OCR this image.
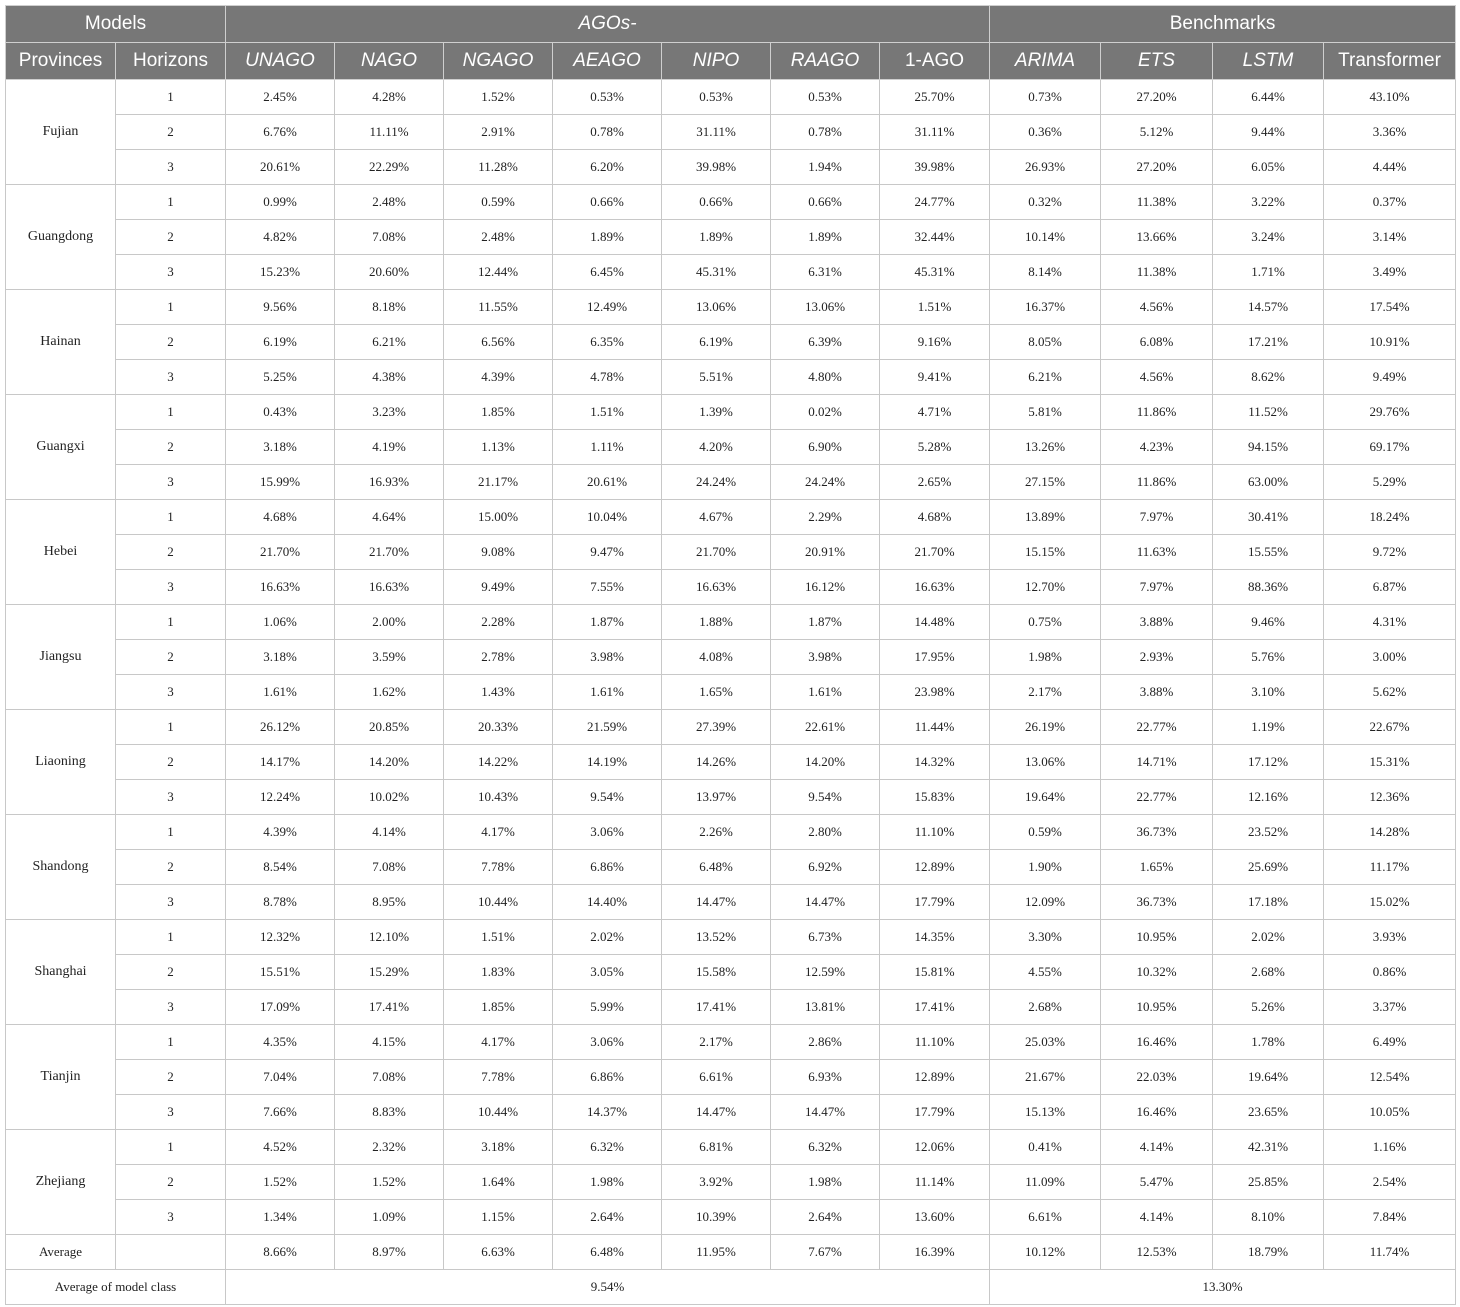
Models		AGOs-							Benchmarks			
Provinces	Horizons	UNAGO	NAGO	NGAGO	AEAGO	NIPO	RAAGO	1-AGO	ARIMA	ETS	LSTM	Transformer
Fujian	1	2.45%	4.28%	1.52%	0.53%	0.53%	0.53%	25.70%	0.73%	27.20%	6.44%	43.10%
	2	6.76%	11.11%	2.91%	0.78%	31.11%	0.78%	31.11%	0.36%	5.12%	9.44%	3.36%
	3	20.61%	22.29%	11.28%	6.20%	39.98%	1.94%	39.98%	26.93%	27.20%	6.05%	4.44%
Guangdong	1	0.99%	2.48%	0.59%	0.66%	0.66%	0.66%	24.77%	0.32%	11.38%	3.22%	0.37%
	2	4.82%	7.08%	2.48%	1.89%	1.89%	1.89%	32.44%	10.14%	13.66%	3.24%	3.14%
	3	15.23%	20.60%	12.44%	6.45%	45.31%	6.31%	45.31%	8.14%	11.38%	1.71%	3.49%
Hainan	1	9.56%	8.18%	11.55%	12.49%	13.06%	13.06%	1.51%	16.37%	4.56%	14.57%	17.54%
	2	6.19%	6.21%	6.56%	6.35%	6.19%	6.39%	9.16%	8.05%	6.08%	17.21%	10.91%
	3	5.25%	4.38%	4.39%	4.78%	5.51%	4.80%	9.41%	6.21%	4.56%	8.62%	9.49%
Guangxi	1	0.43%	3.23%	1.85%	1.51%	1.39%	0.02%	4.71%	5.81%	11.86%	11.52%	29.76%
	2	3.18%	4.19%	1.13%	1.11%	4.20%	6.90%	5.28%	13.26%	4.23%	94.15%	69.17%
	3	15.99%	16.93%	21.17%	20.61%	24.24%	24.24%	2.65%	27.15%	11.86%	63.00%	5.29%
Hebei	1	4.68%	4.64%	15.00%	10.04%	4.67%	2.29%	4.68%	13.89%	7.97%	30.41%	18.24%
	2	21.70%	21.70%	9.08%	9.47%	21.70%	20.91%	21.70%	15.15%	11.63%	15.55%	9.72%
	3	16.63%	16.63%	9.49%	7.55%	16.63%	16.12%	16.63%	12.70%	7.97%	88.36%	6.87%
Jiangsu	1	1.06%	2.00%	2.28%	1.87%	1.88%	1.87%	14.48%	0.75%	3.88%	9.46%	4.31%
	2	3.18%	3.59%	2.78%	3.98%	4.08%	3.98%	17.95%	1.98%	2.93%	5.76%	3.00%
	3	1.61%	1.62%	1.43%	1.61%	1.65%	1.61%	23.98%	2.17%	3.88%	3.10%	5.62%
Liaoning	1	26.12%	20.85%	20.33%	21.59%	27.39%	22.61%	11.44%	26.19%	22.77%	1.19%	22.67%
	2	14.17%	14.20%	14.22%	14.19%	14.26%	14.20%	14.32%	13.06%	14.71%	17.12%	15.31%
	3	12.24%	10.02%	10.43%	9.54%	13.97%	9.54%	15.83%	19.64%	22.77%	12.16%	12.36%
Shandong	1	4.39%	4.14%	4.17%	3.06%	2.26%	2.80%	11.10%	0.59%	36.73%	23.52%	14.28%
	2	8.54%	7.08%	7.78%	6.86%	6.48%	6.92%	12.89%	1.90%	1.65%	25.69%	11.17%
	3	8.78%	8.95%	10.44%	14.40%	14.47%	14.47%	17.79%	12.09%	36.73%	17.18%	15.02%
Shanghai	1	12.32%	12.10%	1.51%	2.02%	13.52%	6.73%	14.35%	3.30%	10.95%	2.02%	3.93%
	2	15.51%	15.29%	1.83%	3.05%	15.58%	12.59%	15.81%	4.55%	10.32%	2.68%	0.86%
	3	17.09%	17.41%	1.85%	5.99%	17.41%	13.81%	17.41%	2.68%	10.95%	5.26%	3.37%
Tianjin	1	4.35%	4.15%	4.17%	3.06%	2.17%	2.86%	11.10%	25.03%	16.46%	1.78%	6.49%
	2	7.04%	7.08%	7.78%	6.86%	6.61%	6.93%	12.89%	21.67%	22.03%	19.64%	12.54%
	3	7.66%	8.83%	10.44%	14.37%	14.47%	14.47%	17.79%	15.13%	16.46%	23.65%	10.05%
Zhejiang	1	4.52%	2.32%	3.18%	6.32%	6.81%	6.32%	12.06%	0.41%	4.14%	42.31%	1.16%
	2	1.52%	1.52%	1.64%	1.98%	3.92%	1.98%	11.14%	11.09%	5.47%	25.85%	2.54%
	3	1.34%	1.09%	1.15%	2.64%	10.39%	2.64%	13.60%	6.61%	4.14%	8.10%	7.84%
Average		8.66%	8.97%	6.63%	6.48%	11.95%	7.67%	16.39%	10.12%	12.53%	18.79%	11.74%
Average of model class		9.54%							13.30%			
